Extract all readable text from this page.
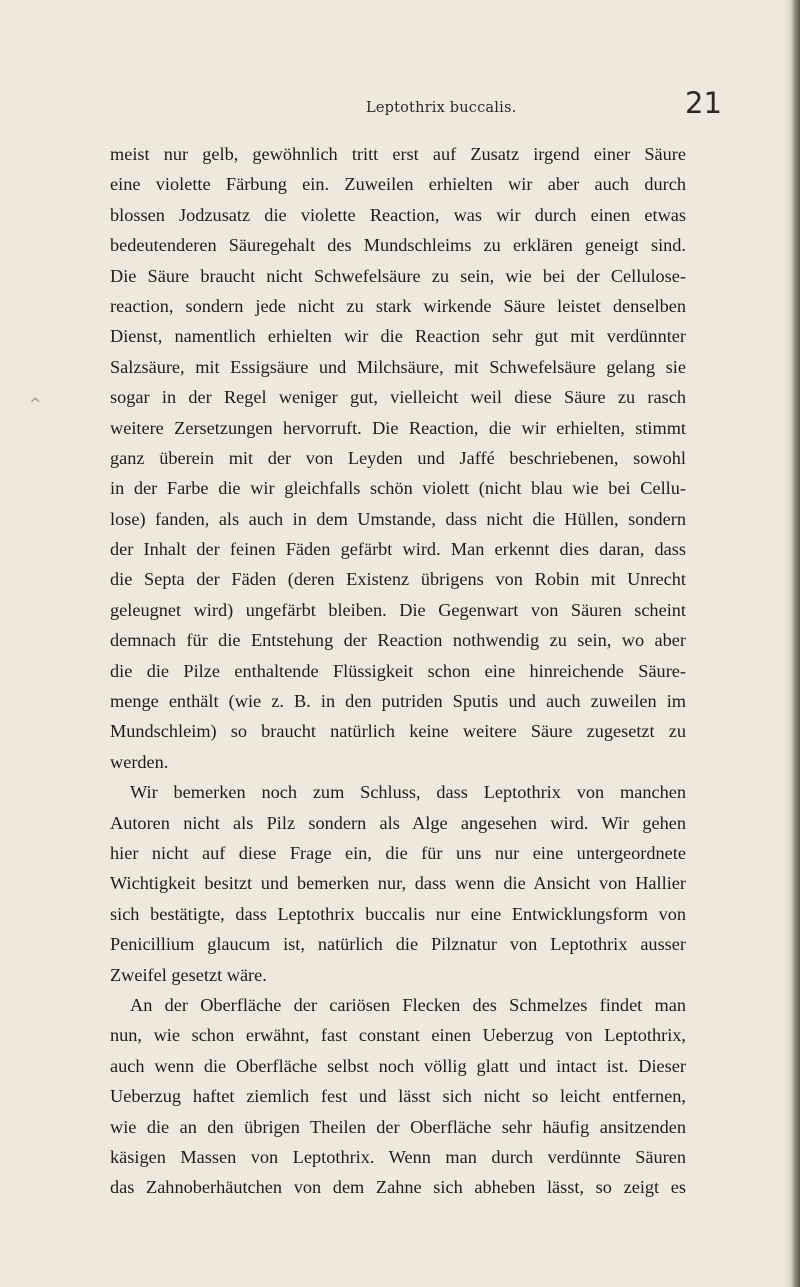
Leptothrix buccalis.	21
^
meist nur gelb, gewöhnlich tritt erst auf Zusatz irgend einer Säure
eine violette Färbung ein. Zuweilen erhielten wir aber auch durch
blossen Jodzusatz die violette Reaction, was wir durch einen etwas
bedeutenderen Säuregehalt des Mundschleims zu erklären geneigt sind.
Die Säure braucht nicht Schwefelsäure zu sein, wie bei der Cellulose-
reaction, sondern jede nicht zu stark wirkende Säure leistet denselben
Dienst, namentlich erhielten wir die Reaction sehr gut mit verdünnter
Salzsäure, mit Essigsäure und Milchsäure, mit Schwefelsäure gelang sie
sogar in der Regel weniger gut, vielleicht weil diese Säure zu rasch
weitere Zersetzungen hervorruft. Die Reaction, die wir erhielten, stimmt
ganz überein mit der von Leyden und Jaffé beschriebenen, sowohl
in der Farbe die wir gleichfalls schön violett (nicht blau wie bei Cellu-
lose) fanden, als auch in dem Umstande, dass nicht die Hüllen, sondern
der Inhalt der feinen Fäden gefärbt wird. Man erkennt dies daran, dass
die Septa der Fäden (deren Existenz übrigens von Robin mit Unrecht
geleugnet wird) ungefärbt bleiben. Die Gegenwart von Säuren scheint
demnach für die Entstehung der Reaction nothwendig zu sein, wo aber
die die Pilze enthaltende Flüssigkeit schon eine hinreichende Säure-
menge enthält (wie z. B. in den putriden Sputis und auch zuweilen im
Mundschleim) so braucht natürlich keine weitere Säure zugesetzt zu
werden.
Wir bemerken noch zum Schluss, dass Leptothrix von manchen
Autoren nicht als Pilz sondern als Alge angesehen wird. Wir gehen
hier nicht auf diese Frage ein, die für uns nur eine untergeordnete
Wichtigkeit besitzt und bemerken nur, dass wenn die Ansicht von Hallier
sich bestätigte, dass Leptothrix buccalis nur eine Entwicklungsform von
Penicillium glaucum ist, natürlich die Pilznatur von Leptothrix ausser
Zweifel gesetzt wäre.
An der Oberfläche der cariösen Flecken des Schmelzes findet man
nun, wie schon erwähnt, fast constant einen Ueberzug von Leptothrix,
auch wenn die Oberfläche selbst noch völlig glatt und intact ist. Dieser
Ueberzug haftet ziemlich fest und lässt sich nicht so leicht entfernen,
wie die an den übrigen Theilen der Oberfläche sehr häufig ansitzenden
käsigen Massen von Leptothrix. Wenn man durch verdünnte Säuren
das Zahnoberhäutchen von dem Zahne sich abheben lässt, so zeigt es
